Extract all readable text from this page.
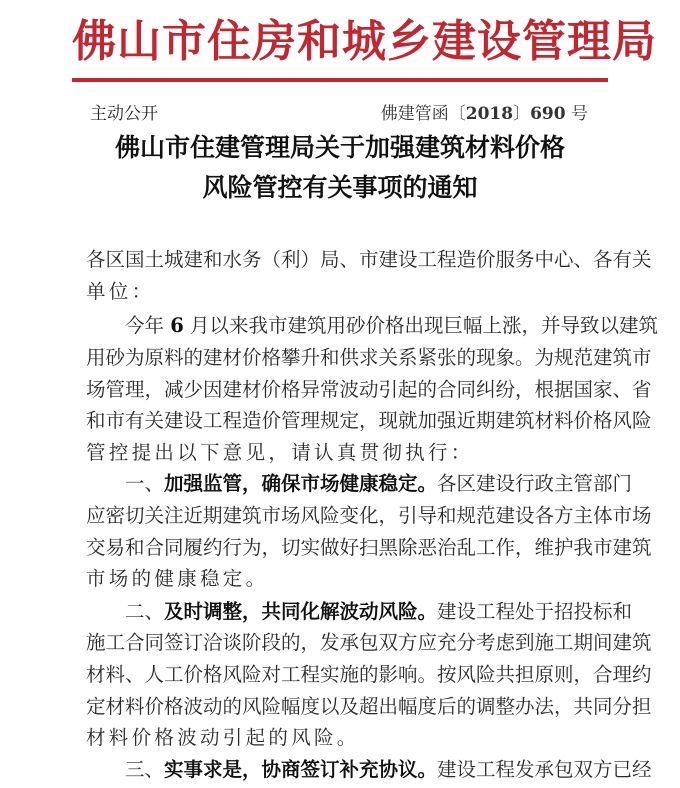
佛山市住房和城乡建设管理局
主动公开	佛建管函〔2018〕690 号
佛山市住建管理局关于加强建筑材料价格
风险管控有关事项的通知
各区国土城建和水务（利）局、市建设工程造价服务中心、各有关
单位：
今年 6 月以来我市建筑用砂价格出现巨幅上涨，并导致以建筑
用砂为原料的建材价格攀升和供求关系紧张的现象。为规范建筑市
场管理，减少因建材价格异常波动引起的合同纠纷，根据国家、省
和市有关建设工程造价管理规定，现就加强近期建筑材料价格风险
管控提出以下意见，请认真贯彻执行：
一、加强监管，确保市场健康稳定。各区建设行政主管部门
应密切关注近期建筑市场风险变化，引导和规范建设各方主体市场
交易和合同履约行为，切实做好扫黑除恶治乱工作，维护我市建筑
市场的健康稳定。
二、及时调整，共同化解波动风险。建设工程处于招投标和
施工合同签订洽谈阶段的，发承包双方应充分考虑到施工期间建筑
材料、人工价格风险对工程实施的影响。按风险共担原则，合理约
定材料价格波动的风险幅度以及超出幅度后的调整办法，共同分担
材料价格波动引起的风险。
三、实事求是，协商签订补充协议。建设工程发承包双方已经
